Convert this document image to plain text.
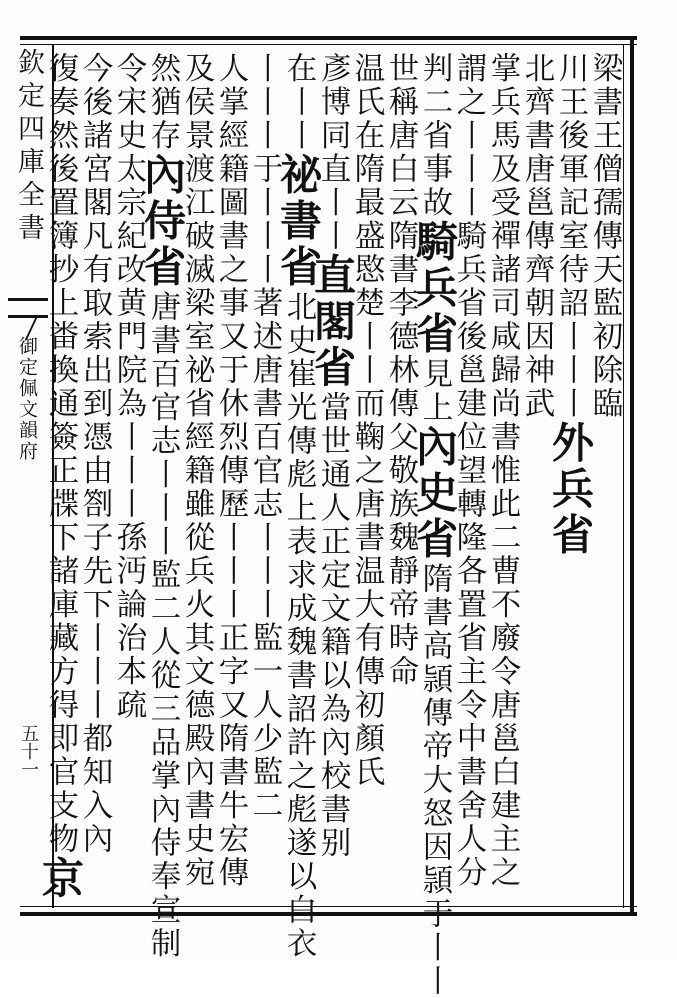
欽定四庫全書
御定佩文韻府
五十一
梁書王僧孺傳天監初除臨
川王後軍記室待詔丨丨丨外兵省
北齊書唐邕傳齊朝因神武
掌兵馬及受禪諸司咸歸尚書惟此二曹不廢令唐邕白建主之
謂之丨丨丨騎兵省後邕建位望轉隆各置省主令中書舍人分
判二省事故騎兵省見上內史省隋書高頴傳帝大怒因頴于丨丨
世稱唐白云隋書李德林傳父敬族魏靜帝時命
温氏在隋最盛愍楚丨丨而鞠之唐書温大有傳初顏氏
彥博同直丨丨直閣省當世通人正定文籍以為內校書别
在丨丨祕書省北史崔光傳彪上表求成魏書詔許之彪遂以白衣
丨丨丨于丨丨丨著述唐書百官志丨丨丨監一人少監二
人掌經籍圖書之事又于休烈傳歷丨丨丨正字又隋書牛宏傳
及侯景渡江破滅梁室祕省經籍雖從兵火其文德殿內書史宛
然猶存內侍省唐書百官志丨丨丨監二人從三品掌內侍奉宣制
令宋史太宗紀改黄門院為丨丨丨孫沔論治本疏
今後諸宮閣凡有取索出到憑由劄子先下丨丨丨都知入內
復奏然後置簿抄上畨換通簽正牒下諸庫藏方得即官支物京
